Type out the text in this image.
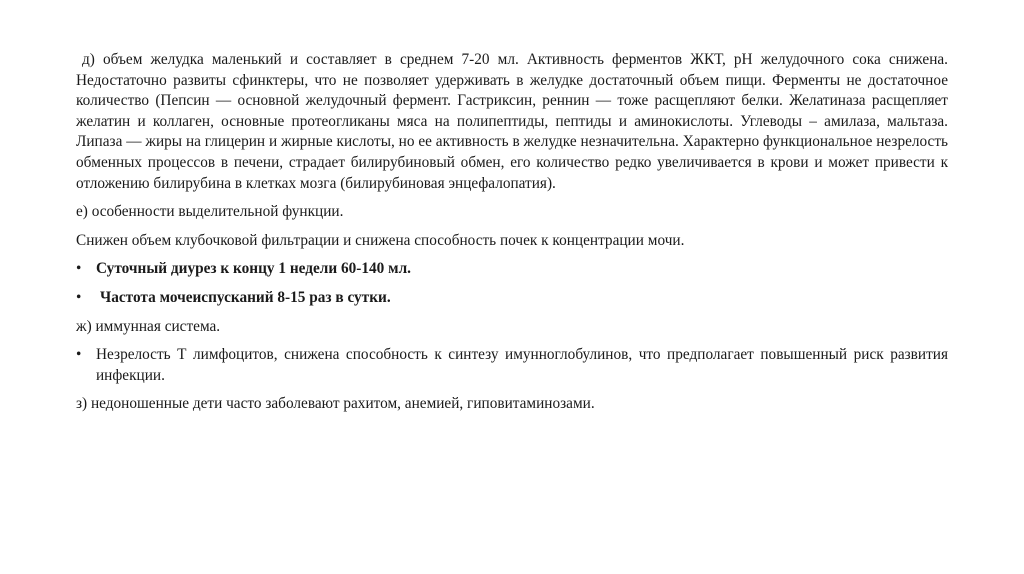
д) объем желудка маленький и составляет в среднем 7-20 мл. Активность ферментов ЖКТ, pH желудочного сока снижена. Недостаточно развиты сфинктеры, что не позволяет удерживать в желудке достаточный объем пищи. Ферменты не достаточное количество (Пепсин — основной желудочный фермент. Гастриксин, реннин — тоже расщепляют белки. Желатиназа расщепляет желатин и коллаген, основные протеогликаны мяса на полипептиды, пептиды и аминокислоты. Углеводы – амилаза, мальтаза. Липаза — жиры на глицерин и жирные кислоты, но ее активность в желудке незначительна. Характерно функциональное незрелость обменных процессов в печени, страдает билирубиновый обмен, его количество редко увеличивается в крови и может привести к отложению билирубина в клетках мозга (билирубиновая энцефалопатия).

е) особенности выделительной функции.

Снижен объем клубочковой фильтрации и снижена способность почек к концентрации мочи.

• Суточный диурез к концу 1 недели 60-140 мл.
•	Частота мочеиспусканий 8-15 раз в сутки.

ж) иммунная система.

• Незрелость Т лимфоцитов, снижена способность к синтезу имунноглобулинов, что предполагает повышенный риск развития инфекции.

з) недоношенные дети часто заболевают рахитом, анемией, гиповитаминозами.
